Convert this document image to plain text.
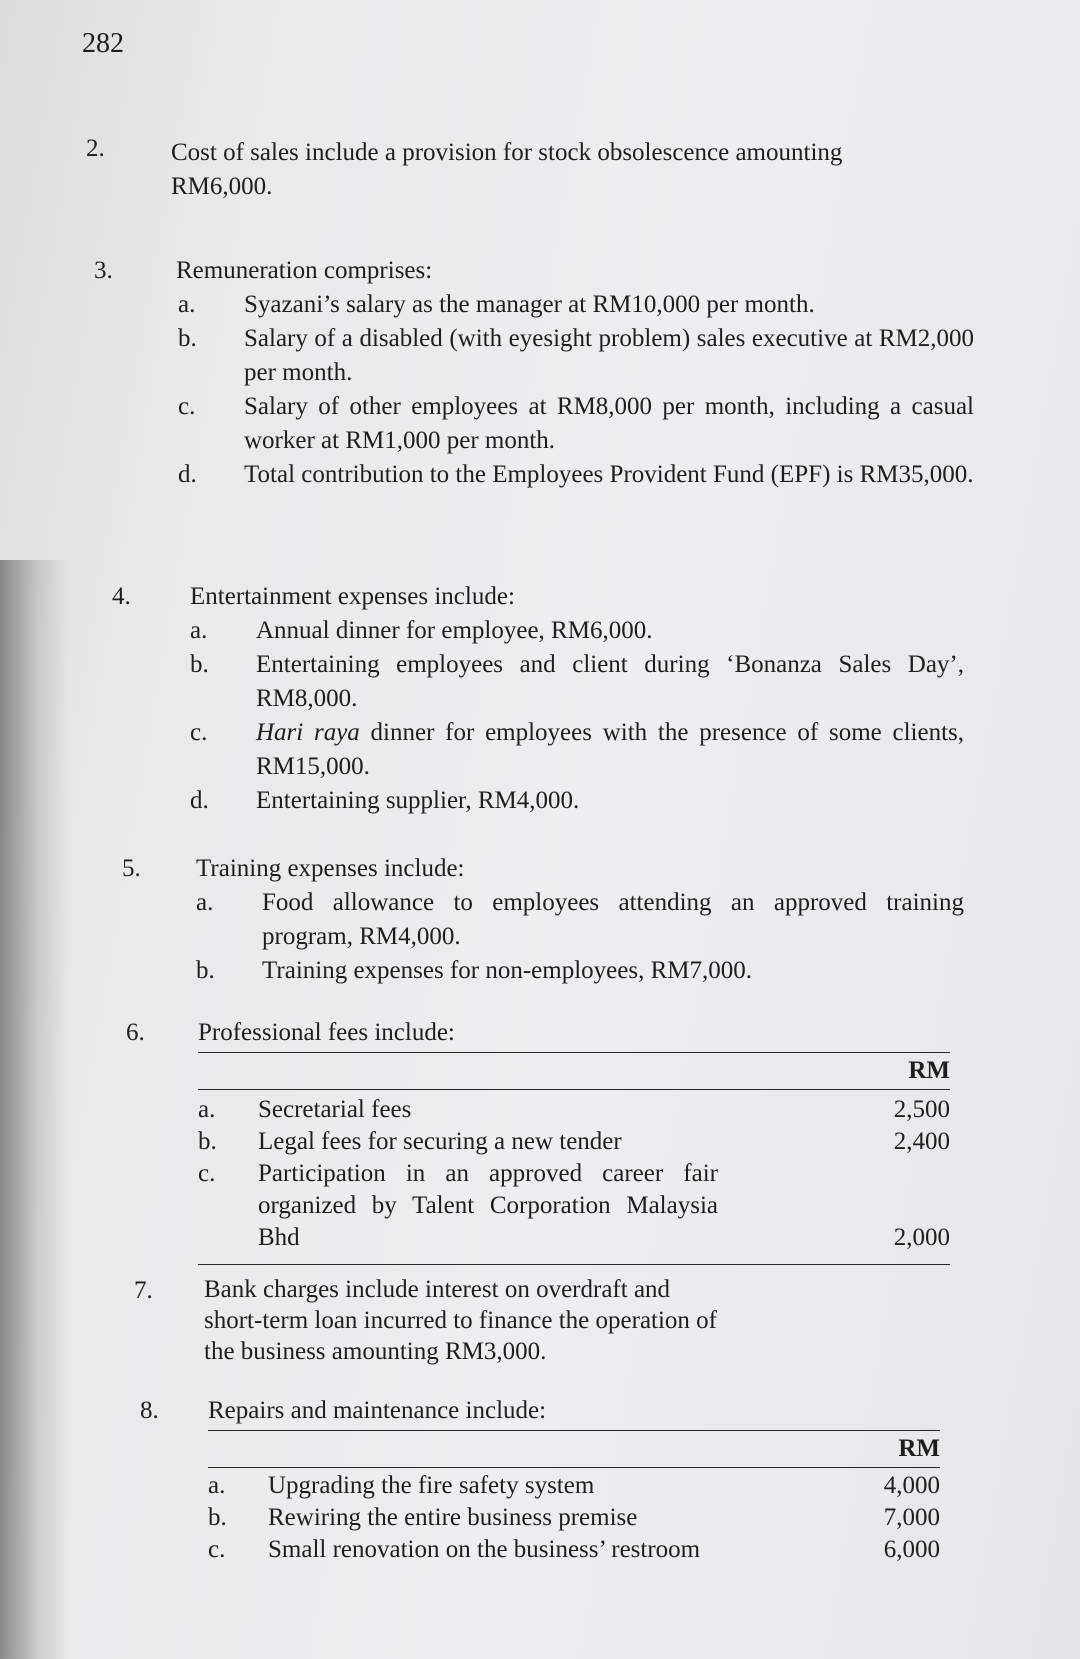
282
2.	Cost of sales include a provision for stock obsolescence amounting
RM6,000.
3.	Remuneration comprises:
a. Syazani’s salary as the manager at RM10,000 per month.
b. Salary of a disabled (with eyesight problem) sales executive at RM2,000 per month.
c. Salary of other employees at RM8,000 per month, including a casual worker at RM1,000 per month.
d. Total contribution to the Employees Provident Fund (EPF) is RM35,000.
4. Entertainment expenses include:
a. Annual dinner for employee, RM6,000.
b. Entertaining employees and client during ‘Bonanza Sales Day’, RM8,000.
c. Hari raya dinner for employees with the presence of some clients, RM15,000.
d. Entertaining supplier, RM4,000.
5. Training expenses include:
a. Food allowance to employees attending an approved training program, RM4,000.
b. Training expenses for non-employees, RM7,000.
6. Professional fees include:
		RM
a.	Secretarial fees	2,500
b.	Legal fees for securing a new tender	2,400
c.	Participation in an approved career fair organized by Talent Corporation Malaysia Bhd	2,000
7. Bank charges include interest on overdraft and short-term loan incurred to finance the operation of the business amounting RM3,000.
8. Repairs and maintenance include:
		RM
a.	Upgrading the fire safety system	4,000
b.	Rewiring the entire business premise	7,000
c.	Small renovation on the business’ restroom	6,000
